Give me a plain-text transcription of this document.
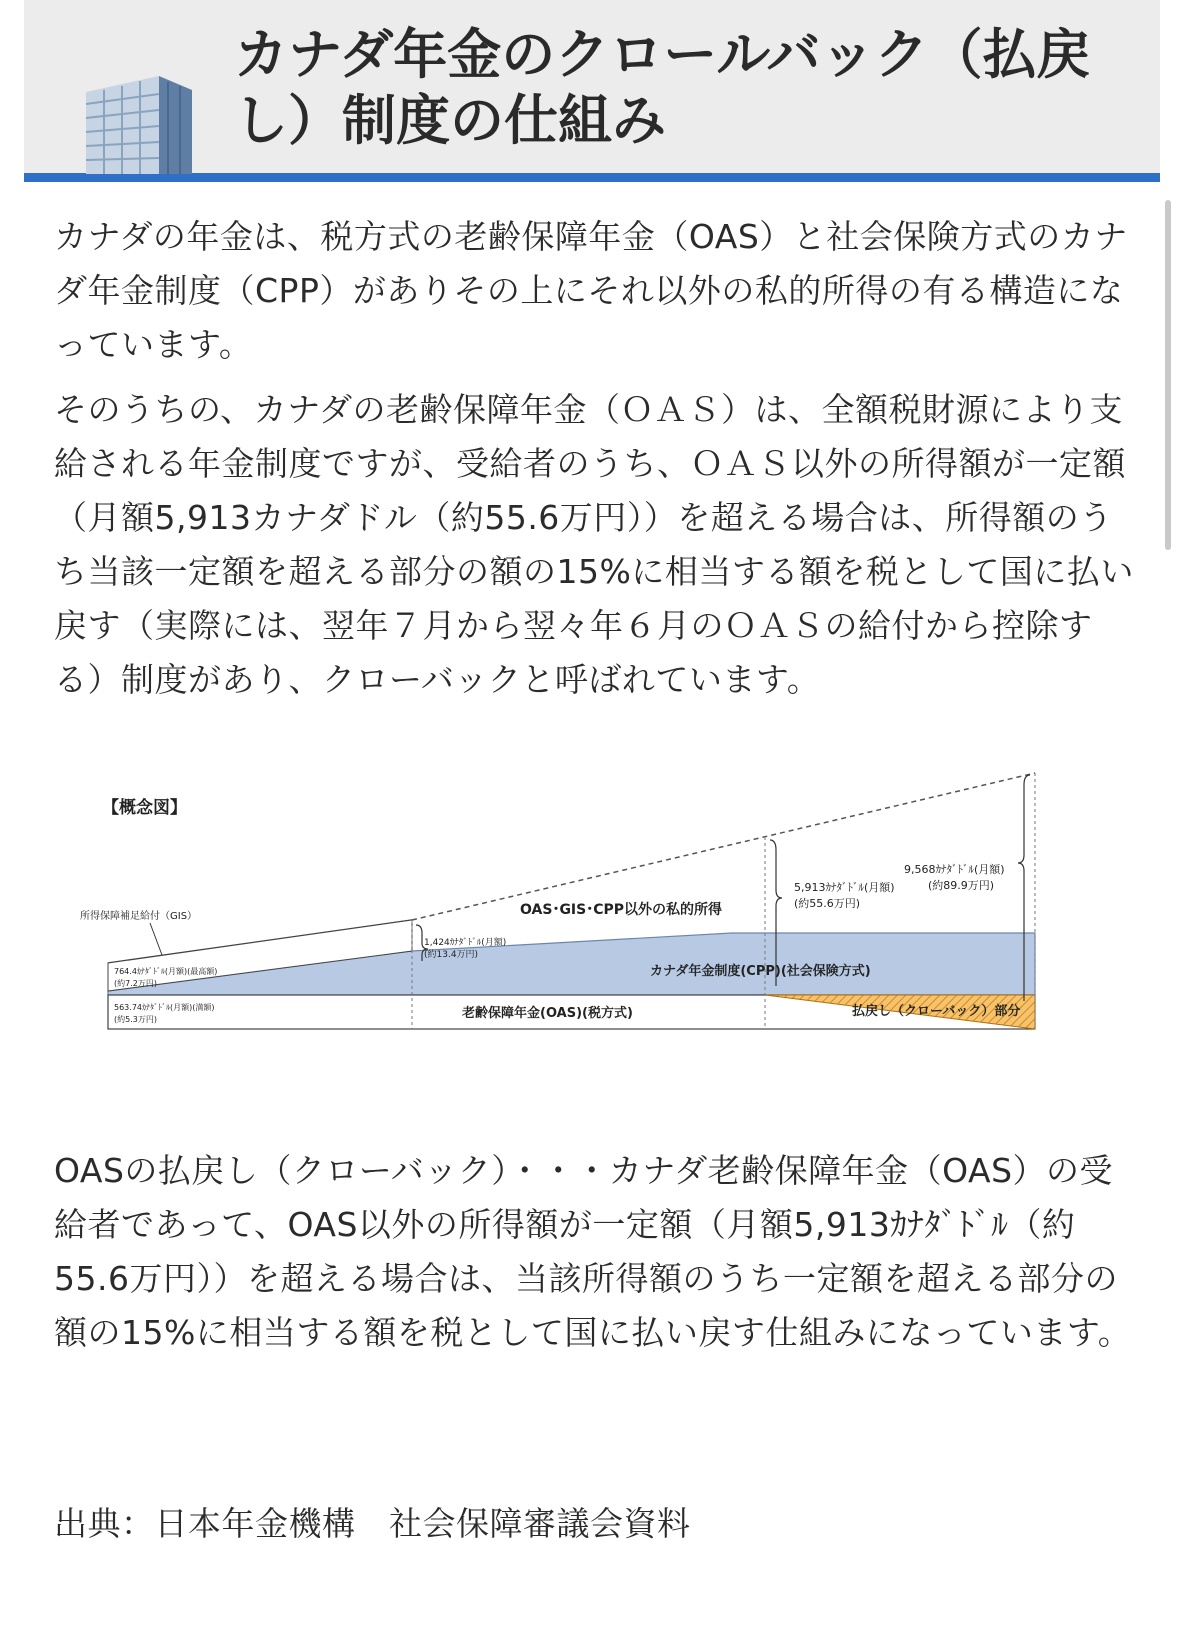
カナダ年金のクロールバック（払戻し）制度の仕組み

カナダの年金は、税方式の老齢保障年金（OAS）と社会保険方式のカナダ年金制度（CPP）がありその上にそれ以外の私的所得の有る構造になっています。

そのうちの、カナダの老齢保障年金（ＯＡＳ）は、全額税財源により支給される年金制度ですが、受給者のうち、ＯＡＳ以外の所得額が一定額（月額5,913カナダドル（約55.6万円））を超える場合は、所得額のうち当該一定額を超える部分の額の15%に相当する額を税として国に払い戻す（実際には、翌年７月から翌々年６月のＯＡＳの給付から控除する）制度があり、クローバックと呼ばれています。

【概念図】
所得保障補足給付（GIS）
764.4ｶﾅﾀﾞﾄﾞﾙ(月額)(最高額)
(約7.2万円)
563.74ｶﾅﾀﾞﾄﾞﾙ(月額)(満額)
(約5.3万円)
1,424ｶﾅﾀﾞﾄﾞﾙ(月額)
(約13.4万円)
5,913ｶﾅﾀﾞﾄﾞﾙ(月額)
(約55.6万円)
9,568ｶﾅﾀﾞﾄﾞﾙ(月額)
(約89.9万円)
OAS･GIS･CPP以外の私的所得
カナダ年金制度(CPP)(社会保険方式)
老齢保障年金(OAS)(税方式)	払戻し（クローバック）部分

OASの払戻し（クローバック）・・・カナダ老齢保障年金（OAS）の受給者であって、OAS以外の所得額が一定額（月額5,913ｶﾅﾀﾞﾄﾞﾙ（約55.6万円））を超える場合は、当該所得額のうち一定額を超える部分の額の15%に相当する額を税として国に払い戻す仕組みになっています。

出典：日本年金機構　社会保障審議会資料
